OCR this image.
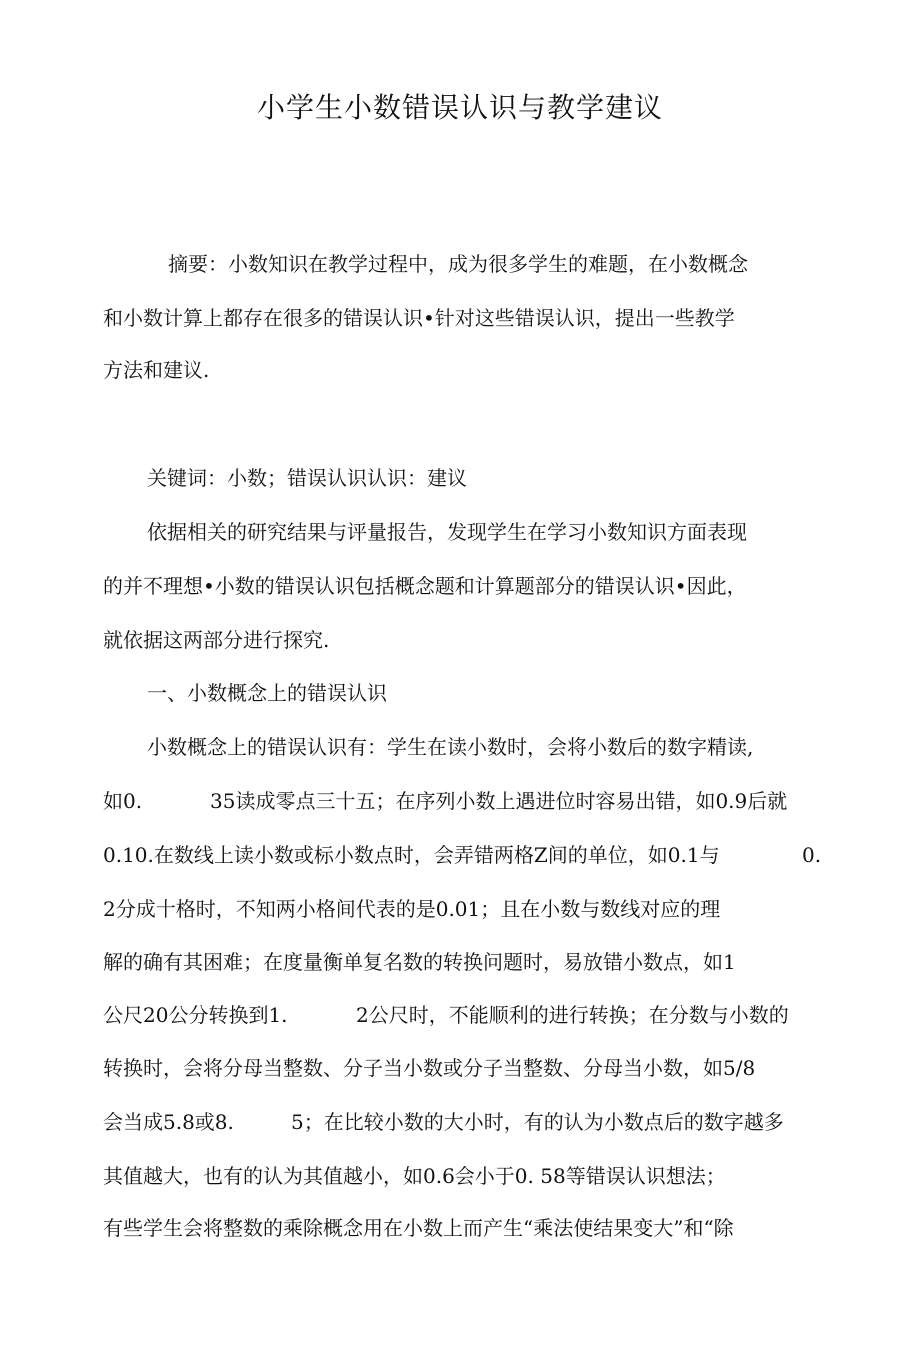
小学生小数错误认识与教学建议
摘要：小数知识在教学过程中，成为很多学生的难题，在小数概念
和小数计算上都存在很多的错误认识•针对这些错误认识，提出一些教学
方法和建议.
关键词：小数；错误认识认识：建议
依据相关的研究结果与评量报告，发现学生在学习小数知识方面表现
的并不理想•小数的错误认识包括概念题和计算题部分的错误认识•因此，
就依据这两部分进行探究.
一、小数概念上的错误认识
小数概念上的错误认识有：学生在读小数时，会将小数后的数字精读,
如0.	35读成零点三十五；在序列小数上遇进位时容易出错，如0.9后就
0.10.在数线上读小数或标小数点时，会弄错两格Z间的单位，如0.1与	0.
2分成十格时，不知两小格间代表的是0.01；且在小数与数线对应的理
解的确有其困难；在度量衡单复名数的转换问题时，易放错小数点，如1
公尺20公分转换到1.	2公尺时，不能顺利的进行转换；在分数与小数的
转换时，会将分母当整数、分子当小数或分子当整数、分母当小数，如5/8
会当成5.8或8.	5；在比较小数的大小时，有的认为小数点后的数字越多
其值越大，也有的认为其值越小，如0.6会小于0. 58等错误认识想法；
有些学生会将整数的乘除概念用在小数上而产生“乘法使结果变大”和“除
